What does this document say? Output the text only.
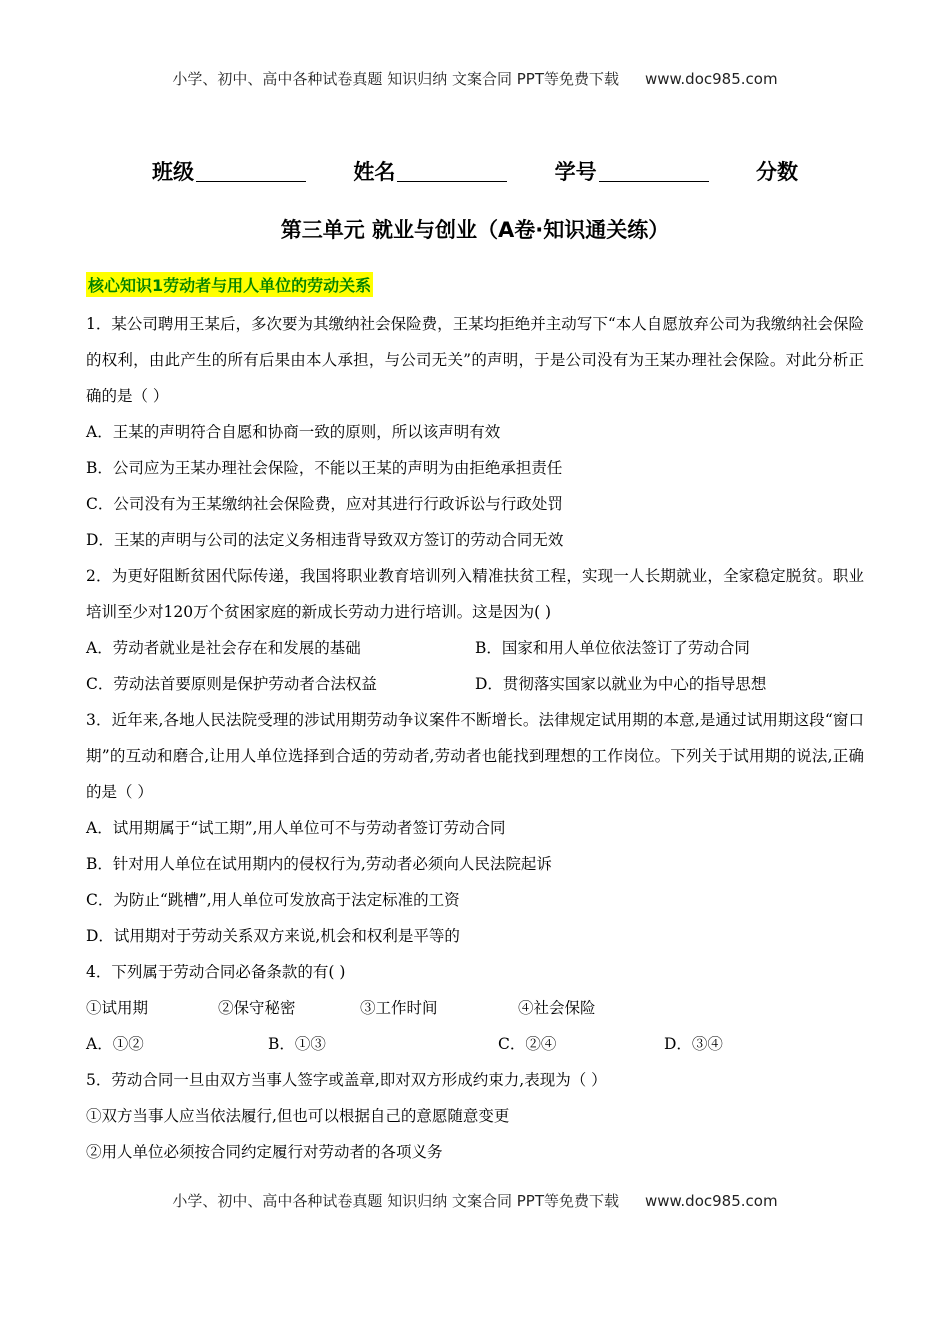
小学、初中、高中各种试卷真题 知识归纳 文案合同 PPT等免费下载 www.doc985.com
班级	姓名	学号	分数
第三单元 就业与创业（A卷·知识通关练）
核心知识1劳动者与用人单位的劳动关系

1．某公司聘用王某后，多次要为其缴纳社会保险费，王某均拒绝并主动写下“本人自愿放弃公司为我缴纳社会保险的权利，由此产生的所有后果由本人承担，与公司无关”的声明，于是公司没有为王某办理社会保险。对此分析正确的是（ ）

A．王某的声明符合自愿和协商一致的原则，所以该声明有效

B．公司应为王某办理社会保险，不能以王某的声明为由拒绝承担责任

C．公司没有为王某缴纳社会保险费，应对其进行行政诉讼与行政处罚

D．王某的声明与公司的法定义务相违背导致双方签订的劳动合同无效

2．为更好阻断贫困代际传递，我国将职业教育培训列入精准扶贫工程，实现一人长期就业，全家稳定脱贫。职业培训至少对120万个贫困家庭的新成长劳动力进行培训。这是因为( )

A．劳动者就业是社会存在和发展的基础	B．国家和用人单位依法签订了劳动合同
C．劳动法首要原则是保护劳动者合法权益	D．贯彻落实国家以就业为中心的指导思想

3．近年来,各地人民法院受理的涉试用期劳动争议案件不断增长。法律规定试用期的本意,是通过试用期这段“窗口期”的互动和磨合,让用人单位选择到合适的劳动者,劳动者也能找到理想的工作岗位。下列关于试用期的说法,正确的是（ ）

A．试用期属于“试工期”,用人单位可不与劳动者签订劳动合同

B．针对用人单位在试用期内的侵权行为,劳动者必须向人民法院起诉

C．为防止“跳槽”,用人单位可发放高于法定标准的工资

D．试用期对于劳动关系双方来说,机会和权利是平等的

4．下列属于劳动合同必备条款的有( )

①试用期	②保守秘密	③工作时间	④社会保险
A．①②	B．①③	C．②④	D．③④

5．劳动合同一旦由双方当事人签字或盖章,即对双方形成约束力,表现为（ ）

①双方当事人应当依法履行,但也可以根据自己的意愿随意变更

②用人单位必须按合同约定履行对劳动者的各项义务

小学、初中、高中各种试卷真题 知识归纳 文案合同 PPT等免费下载 www.doc985.com
